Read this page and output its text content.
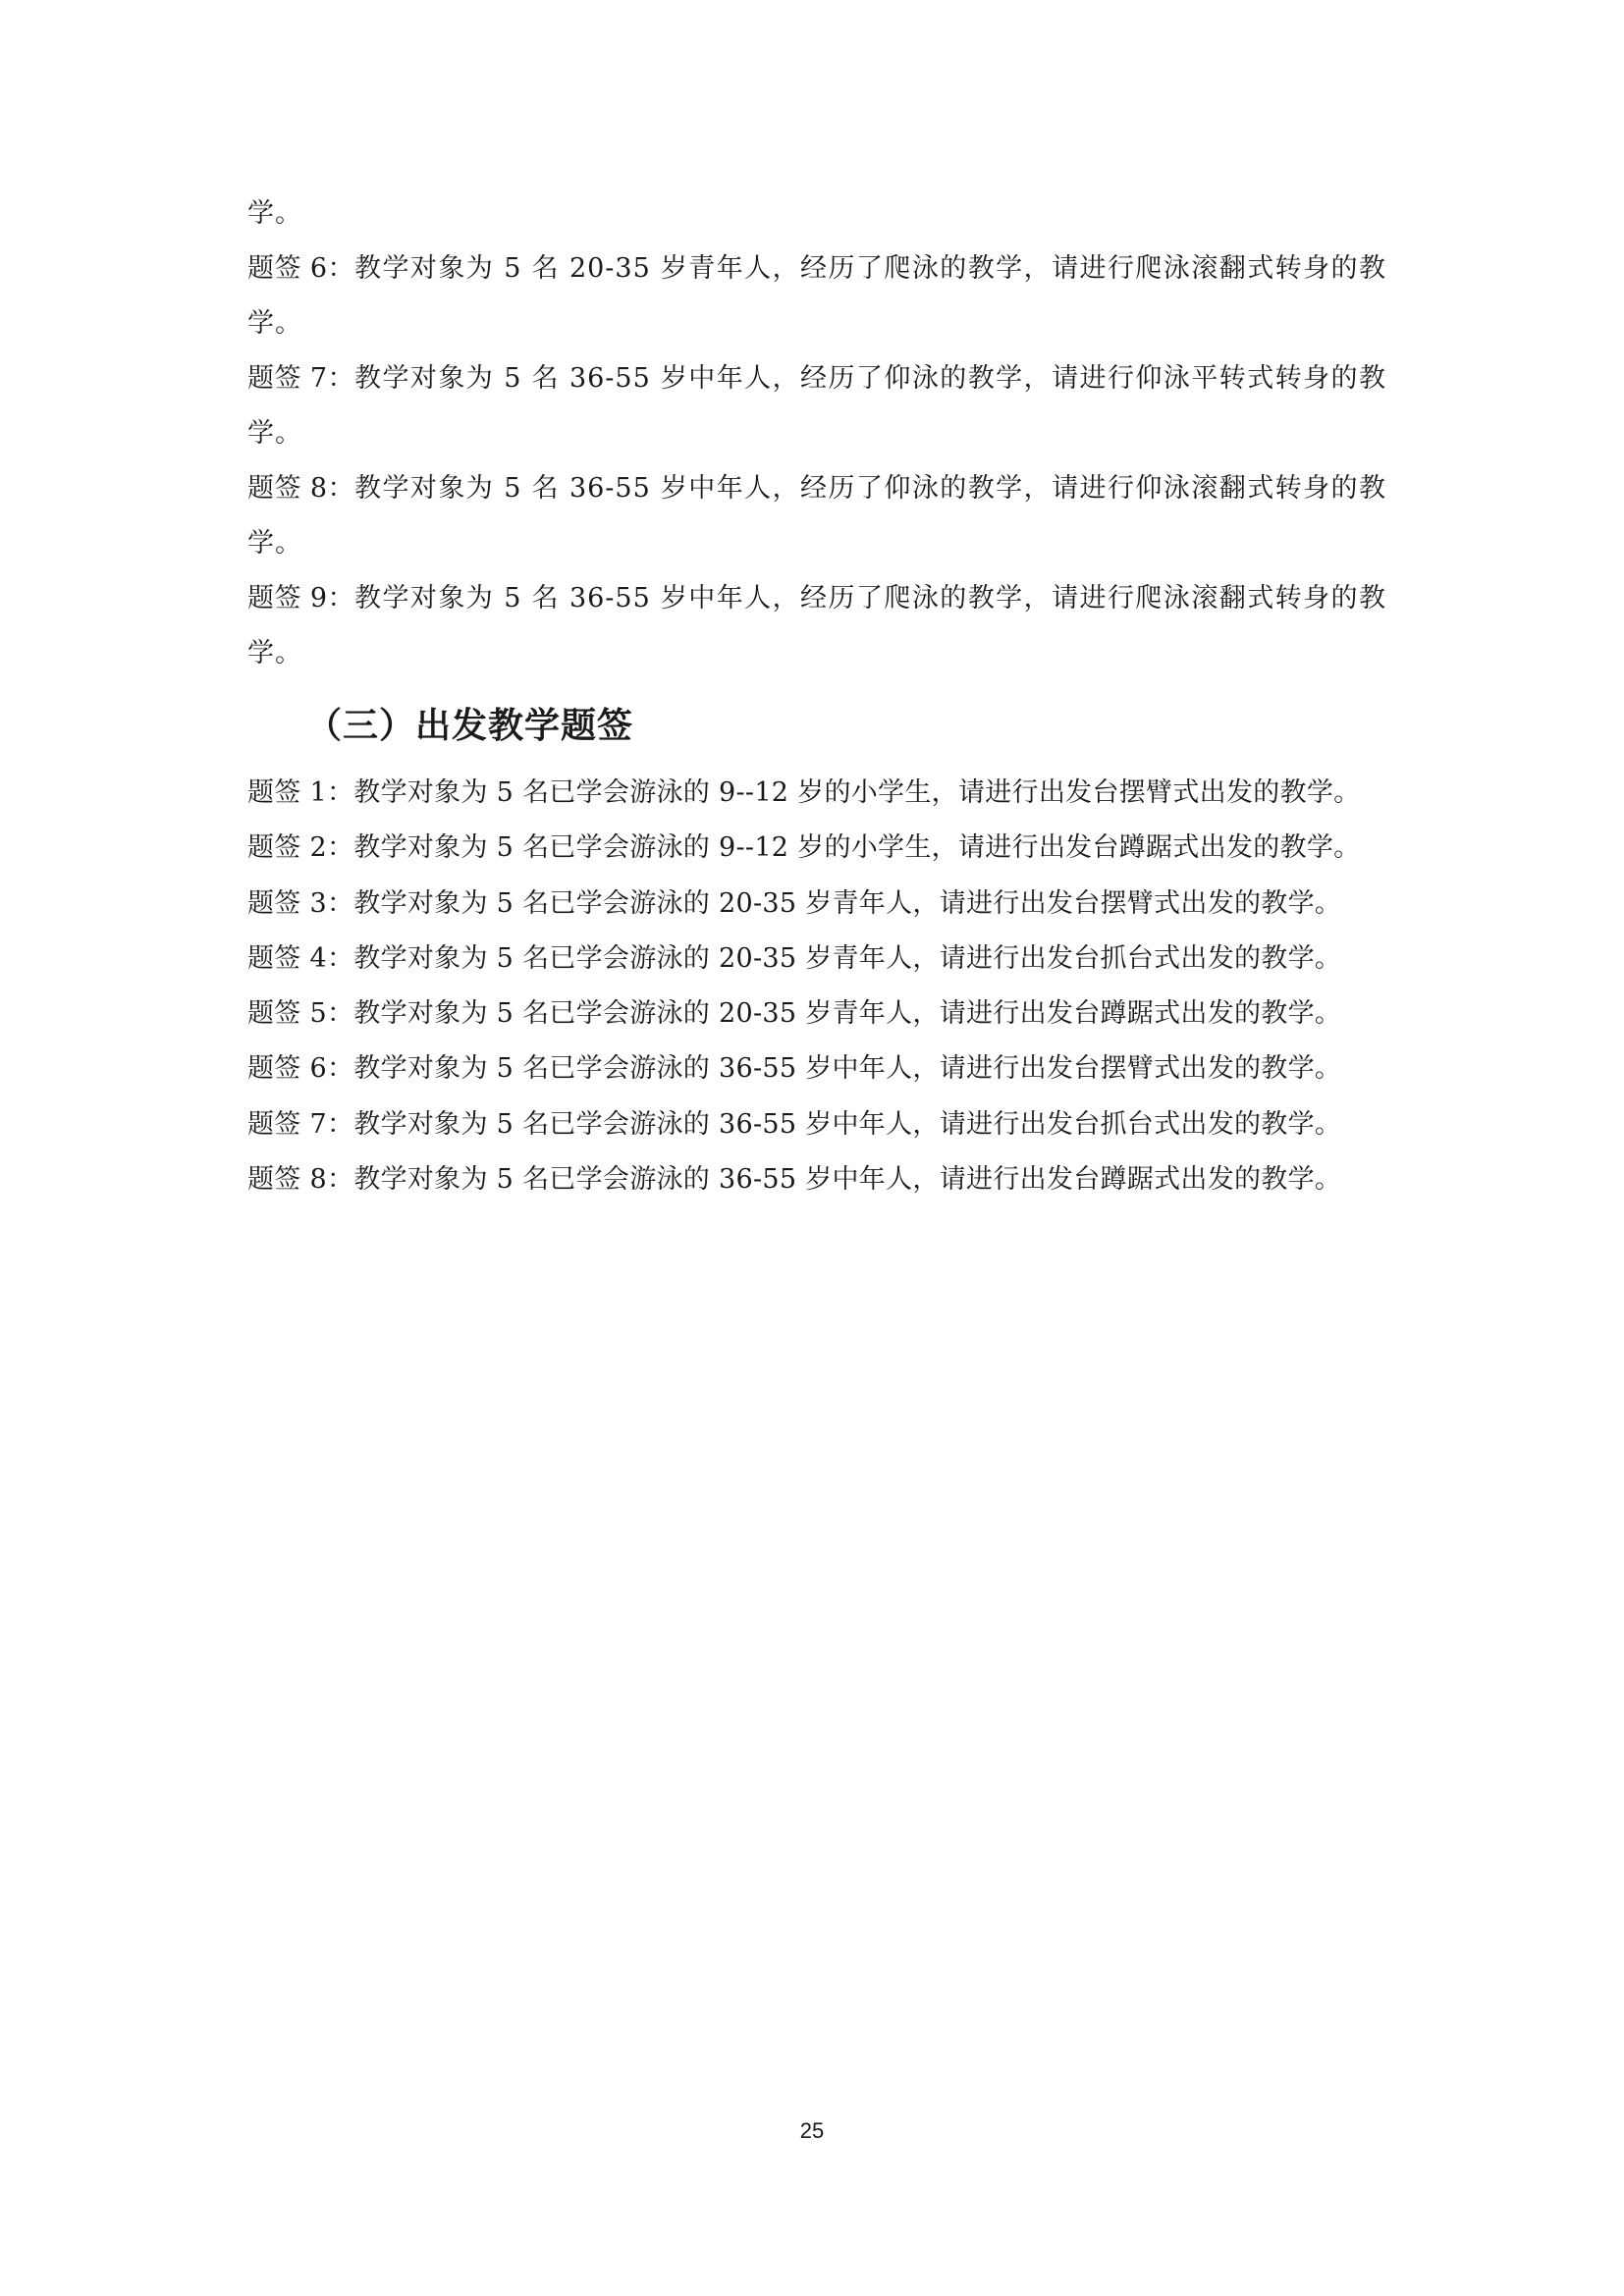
学。

题签 6：教学对象为 5 名 20-35 岁青年人，经历了爬泳的教学，请进行爬泳滚翻式转身的教学。

题签 7：教学对象为 5 名 36-55 岁中年人，经历了仰泳的教学，请进行仰泳平转式转身的教学。

题签 8：教学对象为 5 名 36-55 岁中年人，经历了仰泳的教学，请进行仰泳滚翻式转身的教学。

题签 9：教学对象为 5 名 36-55 岁中年人，经历了爬泳的教学，请进行爬泳滚翻式转身的教学。

（三）出发教学题签
题签 1：教学对象为 5 名已学会游泳的 9--12 岁的小学生，请进行出发台摆臂式出发的教学。
题签 2：教学对象为 5 名已学会游泳的 9--12 岁的小学生，请进行出发台蹲踞式出发的教学。
题签 3：教学对象为 5 名已学会游泳的 20-35 岁青年人，请进行出发台摆臂式出发的教学。
题签 4：教学对象为 5 名已学会游泳的 20-35 岁青年人，请进行出发台抓台式出发的教学。
题签 5：教学对象为 5 名已学会游泳的 20-35 岁青年人，请进行出发台蹲踞式出发的教学。
题签 6：教学对象为 5 名已学会游泳的 36-55 岁中年人，请进行出发台摆臂式出发的教学。
题签 7：教学对象为 5 名已学会游泳的 36-55 岁中年人，请进行出发台抓台式出发的教学。
题签 8：教学对象为 5 名已学会游泳的 36-55 岁中年人，请进行出发台蹲踞式出发的教学。
25
